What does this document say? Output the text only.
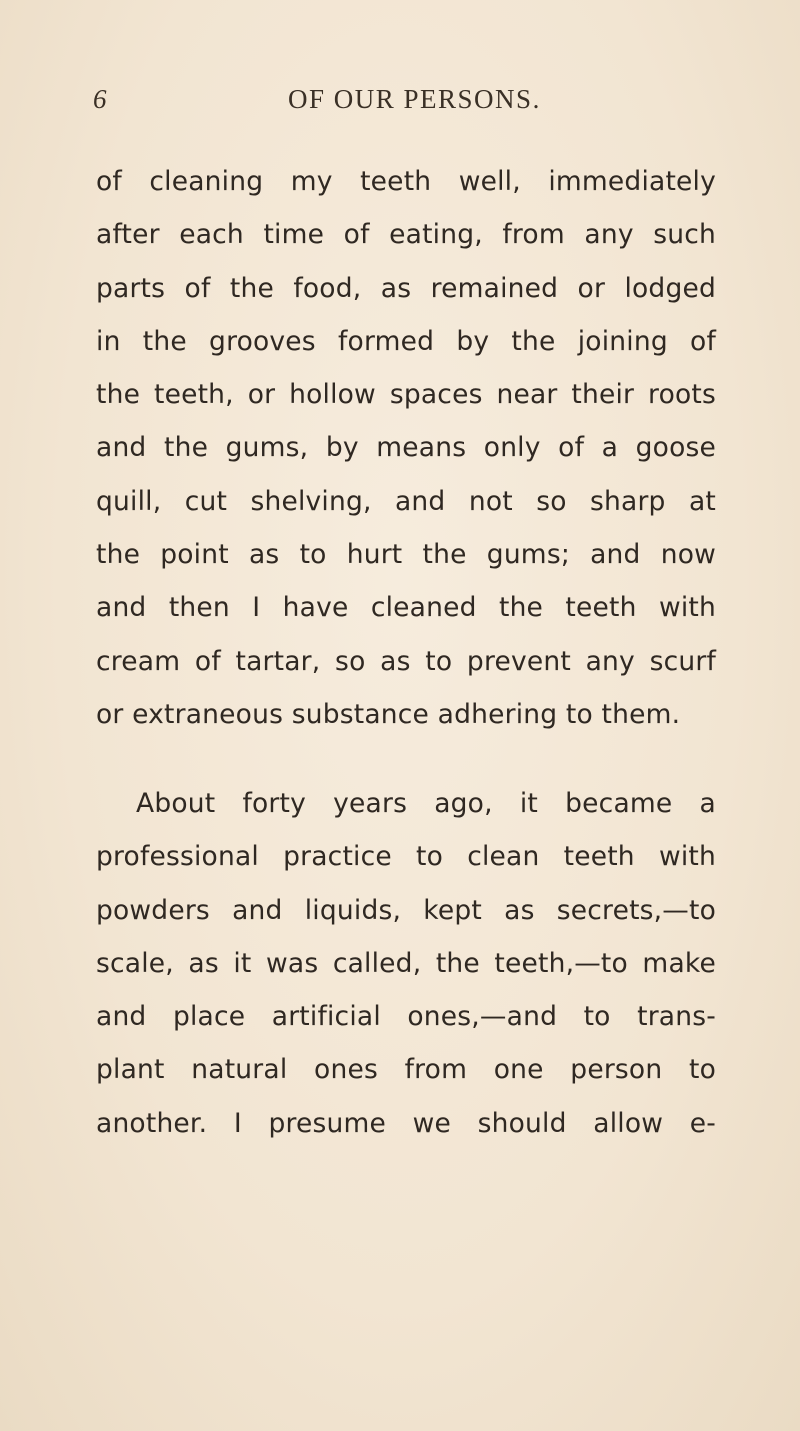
6	OF OUR PERSONS.
of cleaning my teeth well, immediately
after each time of eating, from any such
parts of the food, as remained or lodged
in the grooves formed by the joining of
the teeth, or hollow spaces near their roots
and the gums, by means only of a goose
quill, cut shelving, and not so sharp at
the point as to hurt the gums; and now
and then I have cleaned the teeth with
cream of tartar, so as to prevent any scurf
or extraneous substance adhering to them.
About forty years ago, it became a
professional practice to clean teeth with
powders and liquids, kept as secrets,—to
scale, as it was called, the teeth,—to make
and place artificial ones,—and to trans-
plant natural ones from one person to
another. I presume we should allow e-
